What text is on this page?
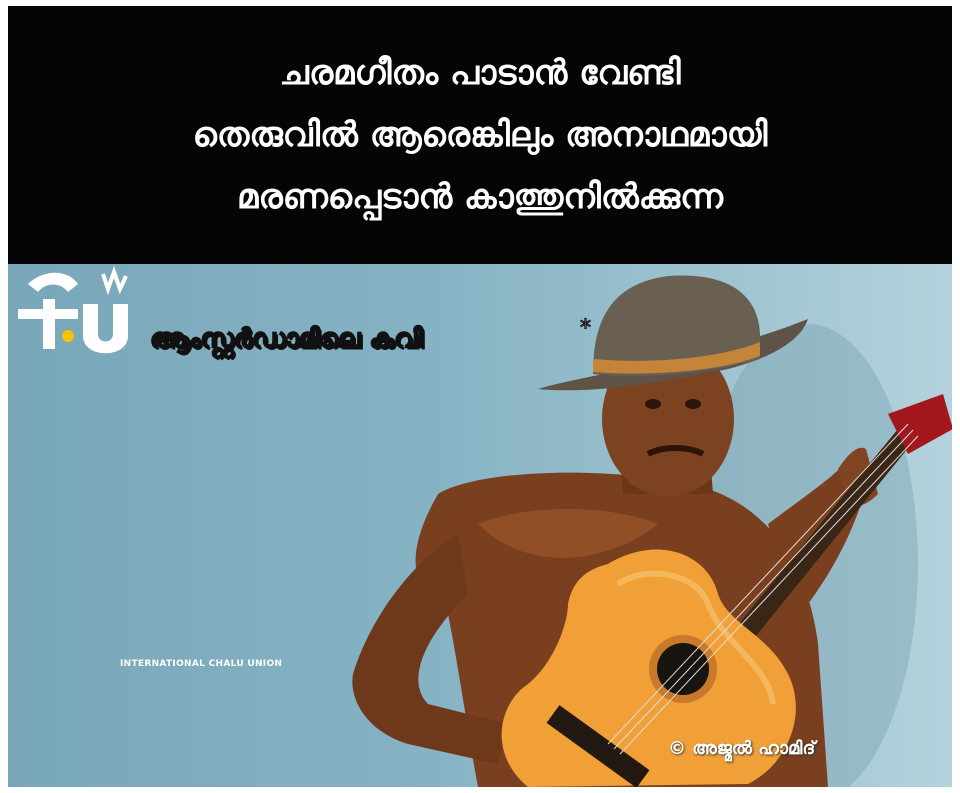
ചരമഗീതം പാടാൻ വേണ്ടി
തെരുവിൽ ആരെങ്കിലും അനാഥമായി
മരണപ്പെടാൻ കാത്തുനിൽക്കുന്ന
ആംസ്റ്റർഡാമിലെ കവി	*
INTERNATIONAL CHALU UNION
© അജ്മൽ ഹാമിദ്
